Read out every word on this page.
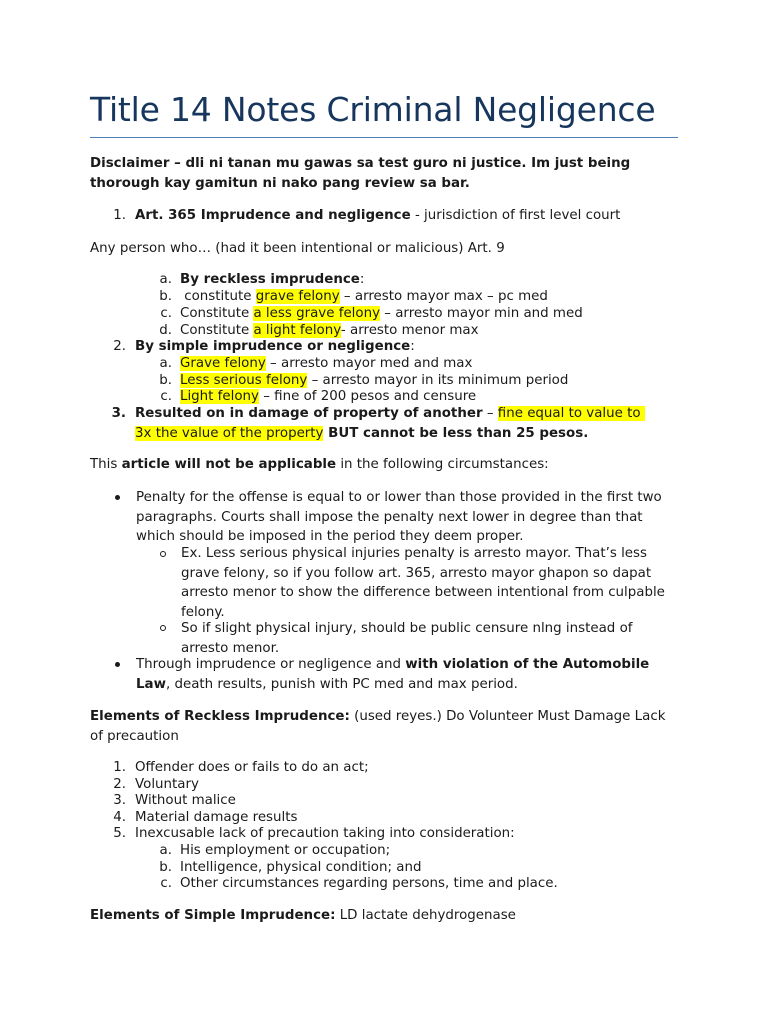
Title 14 Notes Criminal Negligence
Disclaimer – dli ni tanan mu gawas sa test guro ni justice. Im just being thorough kay gamitun ni nako pang review sa bar.
1. Art. 365 Imprudence and negligence - jurisdiction of first level court
Any person who… (had it been intentional or malicious) Art. 9
a. By reckless imprudence:
b. constitute grave felony – arresto mayor max – pc med
c. Constitute a less grave felony – arresto mayor min and med
d. Constitute a light felony- arresto menor max
2. By simple imprudence or negligence:
a. Grave felony – arresto mayor med and max
b. Less serious felony – arresto mayor in its minimum period
c. Light felony – fine of 200 pesos and censure
3. Resulted on in damage of property of another – fine equal to value to
3x the value of the property BUT cannot be less than 25 pesos.
This article will not be applicable in the following circumstances:
Penalty for the offense is equal to or lower than those provided in the first two paragraphs. Courts shall impose the penalty next lower in degree than that which should be imposed in the period they deem proper.
Ex. Less serious physical injuries penalty is arresto mayor. That’s less grave felony, so if you follow art. 365, arresto mayor ghapon so dapat arresto menor to show the difference between intentional from culpable felony.
So if slight physical injury, should be public censure nlng instead of arresto menor.
Through imprudence or negligence and with violation of the Automobile Law, death results, punish with PC med and max period.
Elements of Reckless Imprudence: (used reyes.) Do Volunteer Must Damage Lack of precaution
1. Offender does or fails to do an act;
2. Voluntary
3. Without malice
4. Material damage results
5. Inexcusable lack of precaution taking into consideration:
a. His employment or occupation;
b. Intelligence, physical condition; and
c. Other circumstances regarding persons, time and place.
Elements of Simple Imprudence: LD lactate dehydrogenase
